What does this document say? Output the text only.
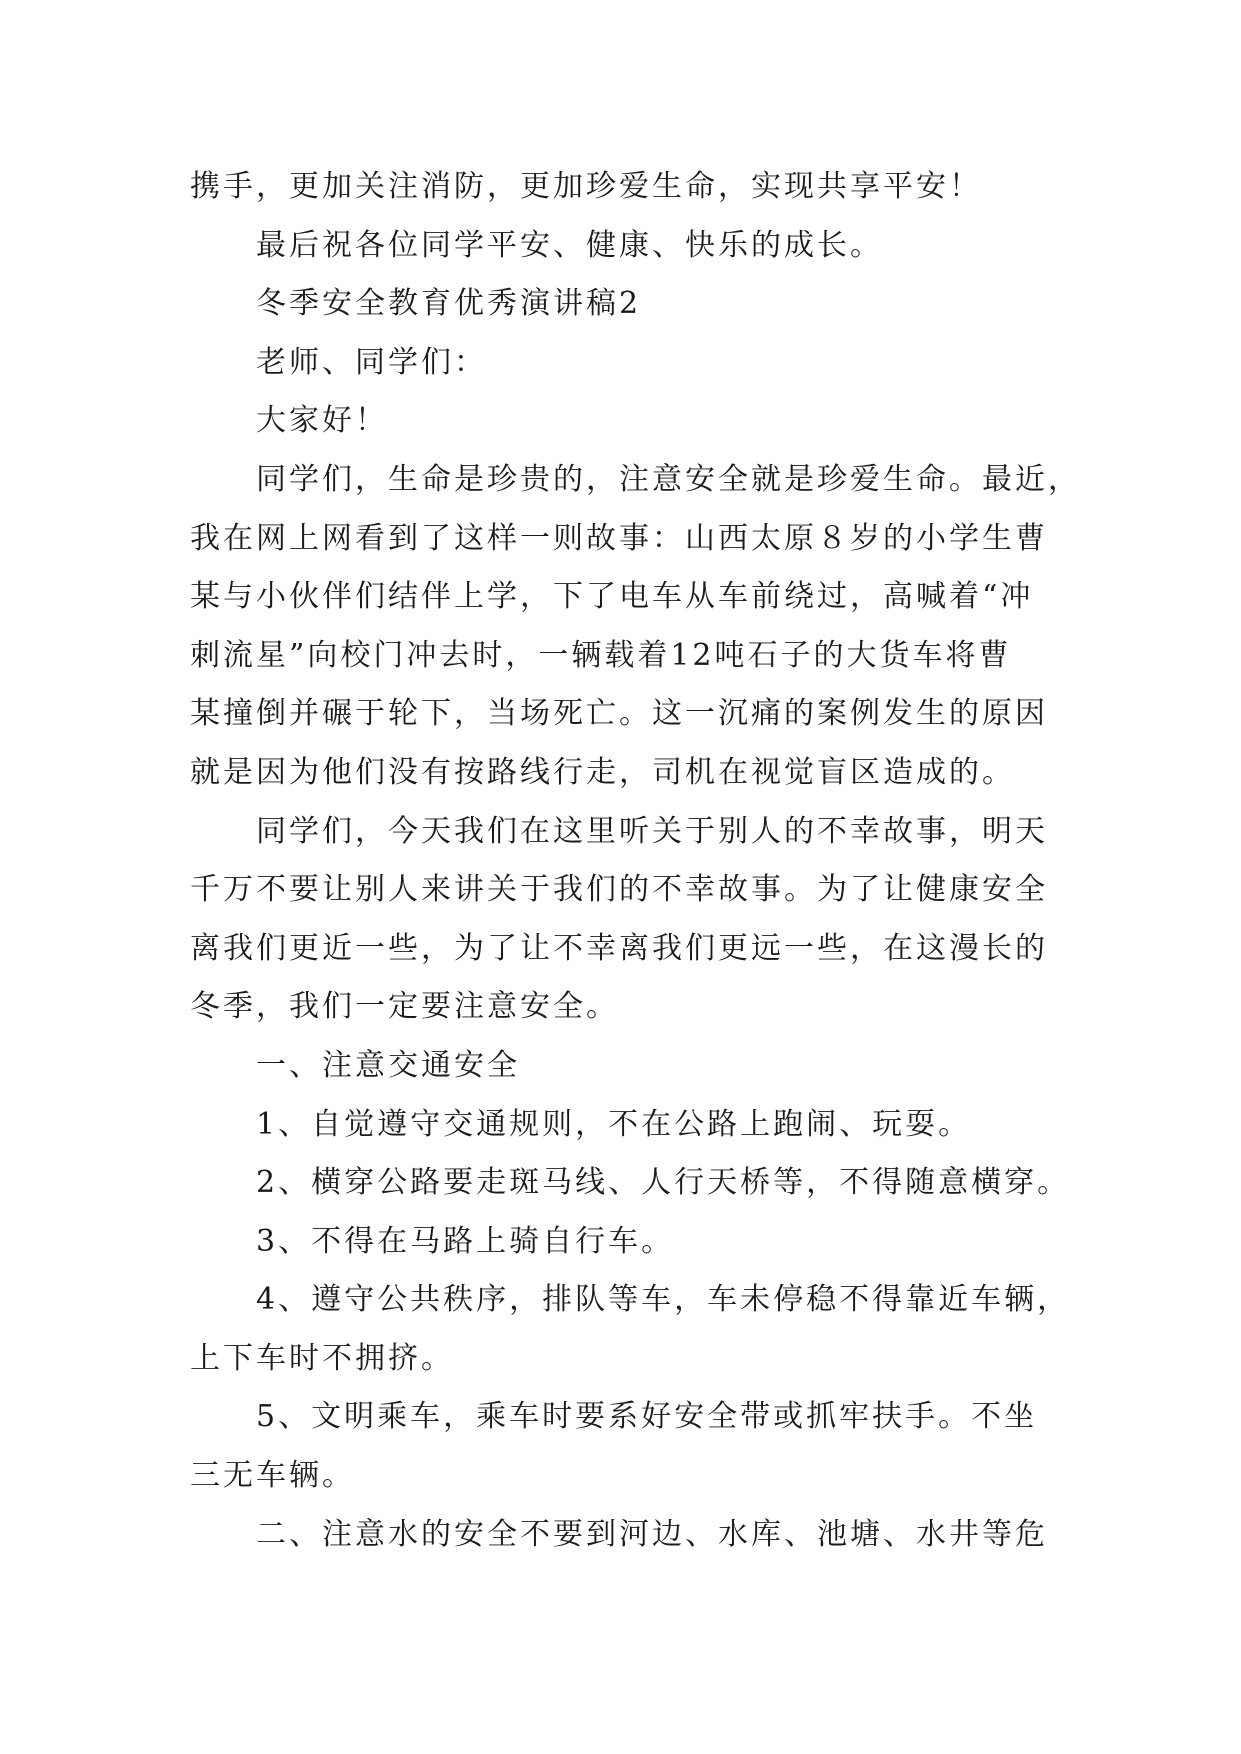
携手，更加关注消防，更加珍爱生命，实现共享平安！

最后祝各位同学平安、健康、快乐的成长。

冬季安全教育优秀演讲稿2

老师、同学们：

大家好！

同学们，生命是珍贵的，注意安全就是珍爱生命。最近，

我在网上网看到了这样一则故事：山西太原８岁的小学生曹

某与小伙伴们结伴上学，下了电车从车前绕过，高喊着“冲

刺流星”向校门冲去时，一辆载着12吨石子的大货车将曹

某撞倒并碾于轮下，当场死亡。这一沉痛的案例发生的原因

就是因为他们没有按路线行走，司机在视觉盲区造成的。

同学们，今天我们在这里听关于别人的不幸故事，明天

千万不要让别人来讲关于我们的不幸故事。为了让健康安全

离我们更近一些，为了让不幸离我们更远一些，在这漫长的

冬季，我们一定要注意安全。

一、注意交通安全

1、自觉遵守交通规则，不在公路上跑闹、玩耍。

2、横穿公路要走斑马线、人行天桥等，不得随意横穿。

3、不得在马路上骑自行车。

4、遵守公共秩序，排队等车，车未停稳不得靠近车辆，

上下车时不拥挤。

5、文明乘车，乘车时要系好安全带或抓牢扶手。不坐

三无车辆。

二、注意水的安全不要到河边、水库、池塘、水井等危
